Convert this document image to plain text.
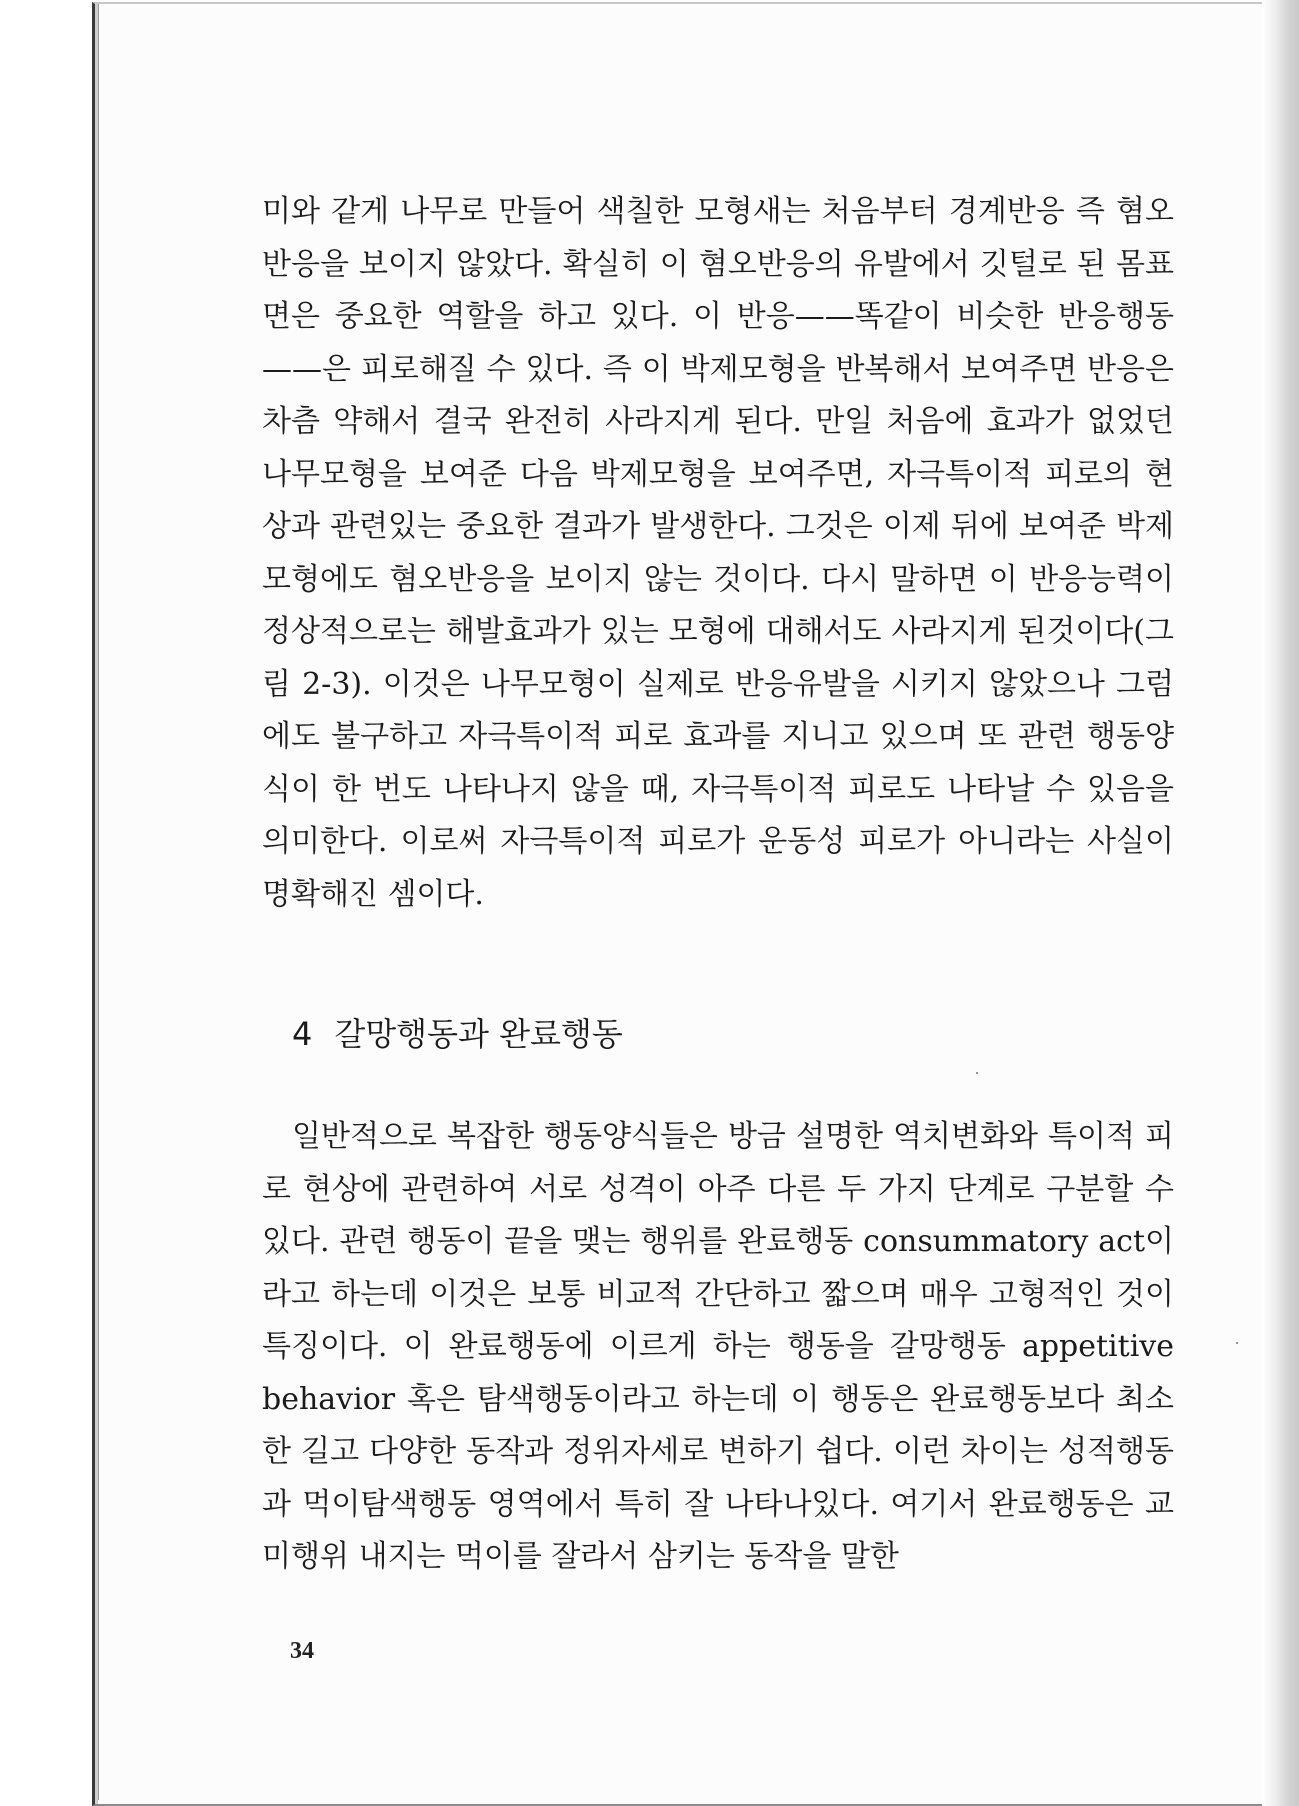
미와 같게 나무로 만들어 색칠한 모형새는 처음부터 경계반응 즉 혐오반응을 보이지 않았다. 확실히 이 혐오반응의 유발에서 깃털로 된 몸표면은 중요한 역할을 하고 있다. 이 반응——똑같이 비슷한 반응행동——은 피로해질 수 있다. 즉 이 박제모형을 반복해서 보여주면 반응은 차츰 약해서 결국 완전히 사라지게 된다. 만일 처음에 효과가 없었던 나무모형을 보여준 다음 박제모형을 보여주면, 자극특이적 피로의 현상과 관련있는 중요한 결과가 발생한다. 그것은 이제 뒤에 보여준 박제모형에도 혐오반응을 보이지 않는 것이다. 다시 말하면 이 반응능력이 정상적으로는 해발효과가 있는 모형에 대해서도 사라지게 된것이다(그림 2-3). 이것은 나무모형이 실제로 반응유발을 시키지 않았으나 그럼에도 불구하고 자극특이적 피로 효과를 지니고 있으며 또 관련 행동양식이 한 번도 나타나지 않을 때, 자극특이적 피로도 나타날 수 있음을 의미한다. 이로써 자극특이적 피로가 운동성 피로가 아니라는 사실이 명확해진 셈이다.

4 갈망행동과 완료행동

일반적으로 복잡한 행동양식들은 방금 설명한 역치변화와 특이적 피로 현상에 관련하여 서로 성격이 아주 다른 두 가지 단계로 구분할 수 있다. 관련 행동이 끝을 맺는 행위를 완료행동 consummatory act이라고 하는데 이것은 보통 비교적 간단하고 짧으며 매우 고형적인 것이 특징이다. 이 완료행동에 이르게 하는 행동을 갈망행동 appetitive behavior 혹은 탐색행동이라고 하는데 이 행동은 완료행동보다 최소한 길고 다양한 동작과 정위자세로 변하기 쉽다. 이런 차이는 성적행동과 먹이탐색행동 영역에서 특히 잘 나타나있다. 여기서 완료행동은 교미행위 내지는 먹이를 잘라서 삼키는 동작을 말한

34
